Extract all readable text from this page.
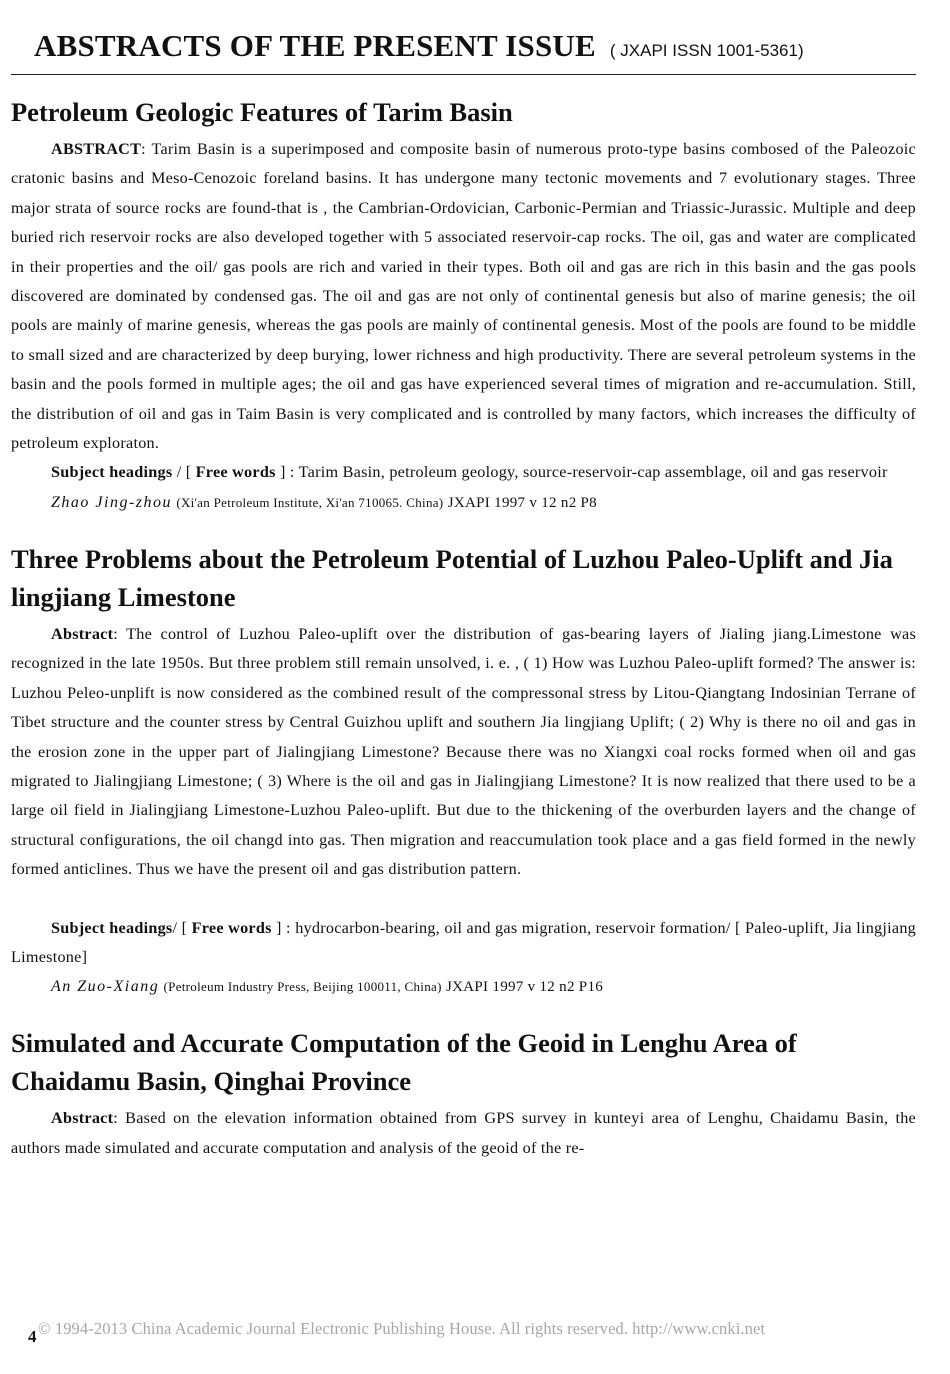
ABSTRACTS OF THE PRESENT ISSUE ( JXAPI ISSN 1001-5361)
Petroleum Geologic Features of Tarim Basin

ABSTRACT: Tarim Basin is a superimposed and composite basin of numerous proto-type basins combosed of the Paleozoic cratonic basins and Meso-Cenozoic foreland basins. It has undergone many tectonic movements and 7 evolutionary stages. Three major strata of source rocks are found-that is , the Cambrian-Ordovician, Carbonic-Permian and Triassic-Jurassic. Multiple and deep buried rich reservoir rocks are also developed together with 5 associated reservoir-cap rocks. The oil, gas and water are complicated in their properties and the oil/ gas pools are rich and varied in their types. Both oil and gas are rich in this basin and the gas pools discovered are dominated by condensed gas. The oil and gas are not only of continental genesis but also of marine genesis; the oil pools are mainly of marine genesis, whereas the gas pools are mainly of continental genesis. Most of the pools are found to be middle to small sized and are characterized by deep burying, lower richness and high productivity. There are several petroleum systems in the basin and the pools formed in multiple ages; the oil and gas have experienced several times of migration and re-accumulation. Still, the distribution of oil and gas in Taim Basin is very complicated and is controlled by many factors, which increases the difficulty of petroleum exploraton.

Subject headings / [ Free words ] : Tarim Basin, petroleum geology, source-reservoir-cap assemblage, oil and gas reservoir

Zhao Jing-zhou (Xi'an Petroleum Institute, Xi'an 710065. China) JXAPI 1997 v 12 n2 P8

Three Problems about the Petroleum Potential of Luzhou Paleo-Uplift and Jia lingjiang Limestone

Abstract: The control of Luzhou Paleo-uplift over the distribution of gas-bearing layers of Jialing jiang.Limestone was recognized in the late 1950s. But three problem still remain unsolved, i. e. , ( 1) How was Luzhou Paleo-uplift formed? The answer is: Luzhou Peleo-unplift is now considered as the combined result of the compressonal stress by Litou-Qiangtang Indosinian Terrane of Tibet structure and the counter stress by Central Guizhou uplift and southern Jia lingjiang Uplift; ( 2) Why is there no oil and gas in the erosion zone in the upper part of Jialingjiang Limestone? Because there was no Xiangxi coal rocks formed when oil and gas migrated to Jialingjiang Limestone; ( 3) Where is the oil and gas in Jialingjiang Limestone? It is now realized that there used to be a large oil field in Jialingjiang Limestone-Luzhou Paleo-uplift. But due to the thickening of the overburden layers and the change of structural configurations, the oil changd into gas. Then migration and reaccumulation took place and a gas field formed in the newly formed anticlines. Thus we have the present oil and gas distribution pattern.

Subject headings/ [ Free words ] : hydrocarbon-bearing, oil and gas migration, reservoir formation/ [ Paleo-uplift, Jia lingjiang Limestone]

An Zuo-Xiang (Petroleum Industry Press, Beijing 100011, China) JXAPI 1997 v 12 n2 P16

Simulated and Accurate Computation of the Geoid in Lenghu Area of Chaidamu Basin, Qinghai Province

Abstract: Based on the elevation information obtained from GPS survey in kunteyi area of Lenghu, Chaidamu Basin, the authors made simulated and accurate computation and analysis of the geoid of the re-

© 1994-2013 China Academic Journal Electronic Publishing House. All rights reserved. http://www.cnki.net
4
